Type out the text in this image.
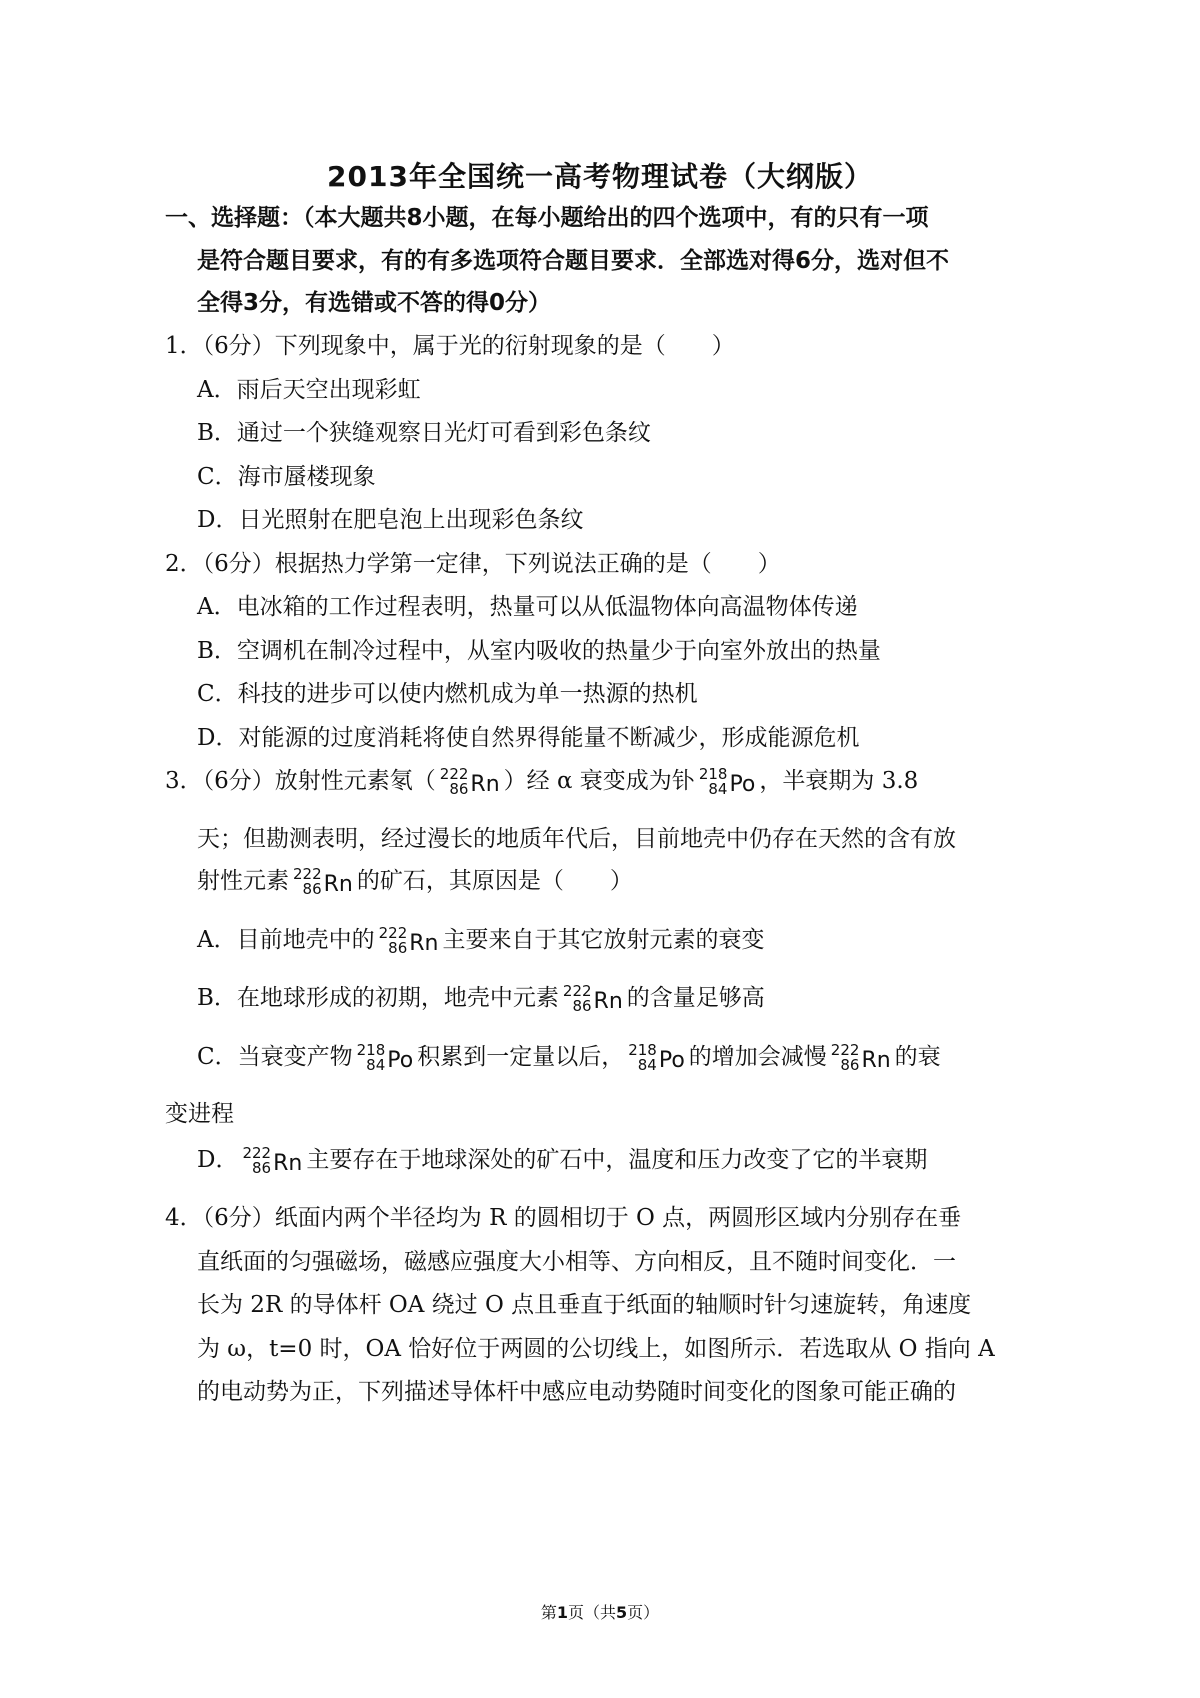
2013年全国统一高考物理试卷（大纲版）
一、选择题：（本大题共8小题，在每小题给出的四个选项中，有的只有一项
是符合题目要求，有的有多选项符合题目要求．全部选对得6分，选对但不
全得3分，有选错或不答的得0分）
1．（6分）下列现象中，属于光的衍射现象的是（　　）
A．雨后天空出现彩虹
B．通过一个狭缝观察日光灯可看到彩色条纹
C．海市蜃楼现象
D．日光照射在肥皂泡上出现彩色条纹
2．（6分）根据热力学第一定律，下列说法正确的是（　　）
A．电冰箱的工作过程表明，热量可以从低温物体向高温物体传递
B．空调机在制冷过程中，从室内吸收的热量少于向室外放出的热量
C．科技的进步可以使内燃机成为单一热源的热机
D．对能源的过度消耗将使自然界得能量不断减少，形成能源危机
3．（6分）放射性元素氡（ 222
86 Rn ）经 α 衰变成为钋 218
84 Po ，半衰期为 3.8
天；但勘测表明，经过漫长的地质年代后，目前地壳中仍存在天然的含有放
射性元素 222
86 Rn 的矿石，其原因是（　　）
A．目前地壳中的 222
86 Rn 主要来自于其它放射元素的衰变
B．在地球形成的初期，地壳中元素 222
86 Rn 的含量足够高
C．当衰变产物 218
84 Po 积累到一定量以后， 218
84 Po 的增加会减慢 222
86 Rn 的衰
变进程
D． 222
86 Rn 主要存在于地球深处的矿石中，温度和压力改变了它的半衰期
4．（6分）纸面内两个半径均为 R 的圆相切于 O 点，两圆形区域内分别存在垂
直纸面的匀强磁场，磁感应强度大小相等、方向相反，且不随时间变化．一
长为 2R 的导体杆 OA 绕过 O 点且垂直于纸面的轴顺时针匀速旋转，角速度
为 ω，t=0 时，OA 恰好位于两圆的公切线上，如图所示．若选取从 O 指向 A
的电动势为正，下列描述导体杆中感应电动势随时间变化的图象可能正确的
第1页（共5页）
